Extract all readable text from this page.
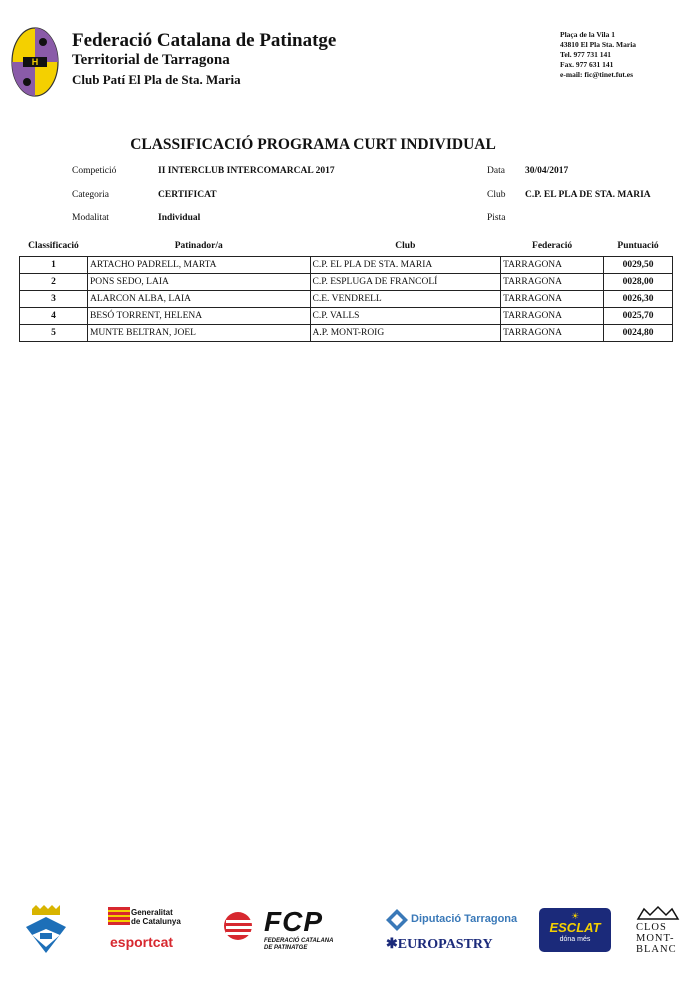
H
Federació Catalana de Patinatge
Territorial de Tarragona
Club Patí El Pla de Sta. Maria
Plaça de la Vila 1
43810 El Pla Sta. Maria
Tel. 977 731 141
Fax. 977 631 141
e-mail: fic@tinet.fut.es
CLASSIFICACIÓ PROGRAMA CURT INDIVIDUAL
Competició	II INTERCLUB INTERCOMARCAL 2017
Categoria	CERTIFICAT
Modalitat	Individual
Data 30/04/2017
Club C.P. EL PLA DE STA. MARIA
Pista
Classificació	Patinador/a	Club	Federació	Puntuació
1	ARTACHO PADRELL, MARTA	C.P. EL PLA DE STA. MARIA	TARRAGONA	0029,50
2	PONS SEDO, LAIA	C.P. ESPLUGA DE FRANCOLÍ	TARRAGONA	0028,00
3	ALARCON ALBA, LAIA	C.E. VENDRELL	TARRAGONA	0026,30
4	BESÓ TORRENT, HELENA	C.P. VALLS	TARRAGONA	0025,70
5	MUNTE BELTRAN, JOEL	A.P. MONT-ROIG	TARRAGONA	0024,80
Generalitat
de Catalunya
esportcat
FCP
FEDERACIÓ CATALANA
DE PATINATGE
Diputació Tarragona
✱EUROPASTRY
☀
ESCLAT
dóna més
CLOS
MONT-
BLANC
